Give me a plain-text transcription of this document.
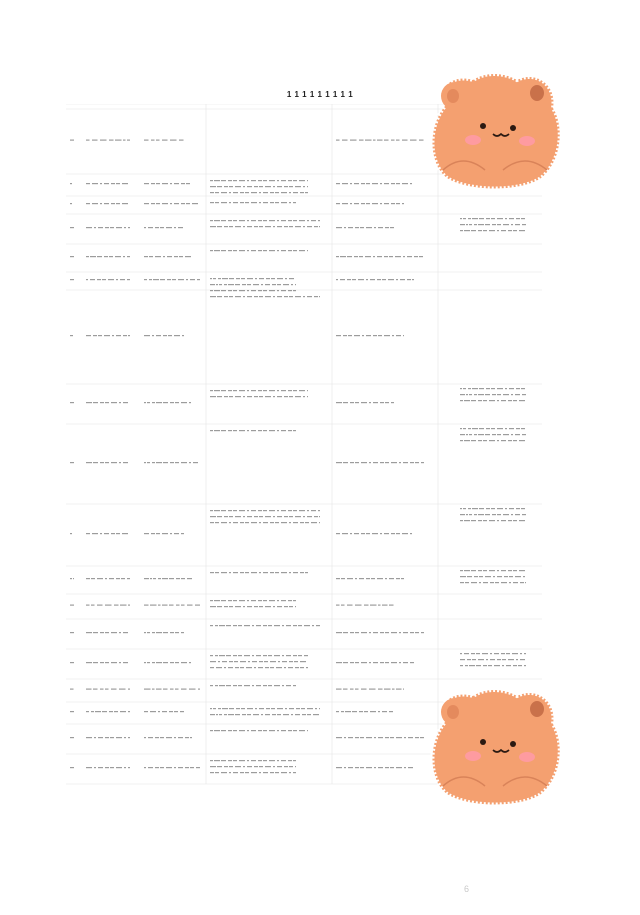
1 1 1 1 1 1 1 1 1
6
